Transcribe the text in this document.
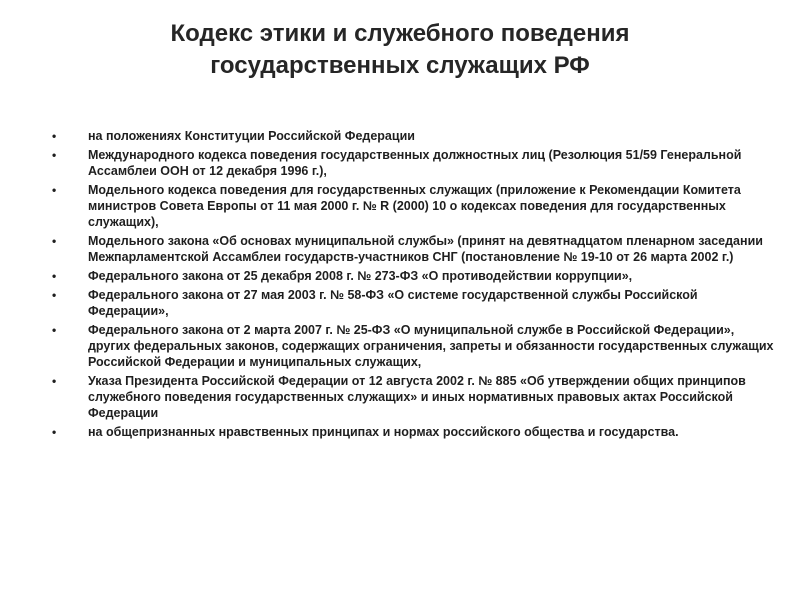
Кодекс этики и служебного поведения
государственных служащих РФ
•	на положениях Конституции Российской Федерации
•	Международного кодекса поведения государственных должностных лиц (Резолюция 51/59 Генеральной Ассамблеи ООН от 12 декабря 1996 г.),
•	Модельного кодекса поведения для государственных служащих (приложение к Рекомендации Комитета министров Совета Европы от 11 мая 2000 г. № R (2000) 10 о кодексах поведения для государственных служащих),
•	Модельного закона «Об основах муниципальной службы» (принят на девятнадцатом пленарном заседании Межпарламентской Ассамблеи государств-участников СНГ (постановление № 19-10 от 26 марта 2002 г.)
•	Федерального закона от 25 декабря 2008 г. № 273-ФЗ «О противодействии коррупции»,
•	Федерального закона от 27 мая 2003 г. № 58-ФЗ «О системе государственной службы Российской Федерации»,
•	Федерального закона от 2 марта 2007 г. № 25-ФЗ «О муниципальной службе в Российской Федерации», других федеральных законов, содержащих ограничения, запреты и обязанности государственных служащих Российской Федерации и муниципальных служащих,
•	Указа Президента Российской Федерации от 12 августа 2002 г. № 885 «Об утверждении общих принципов служебного поведения государственных служащих» и иных нормативных правовых актах Российской Федерации
•	на общепризнанных нравственных принципах и нормах российского общества и государства.
